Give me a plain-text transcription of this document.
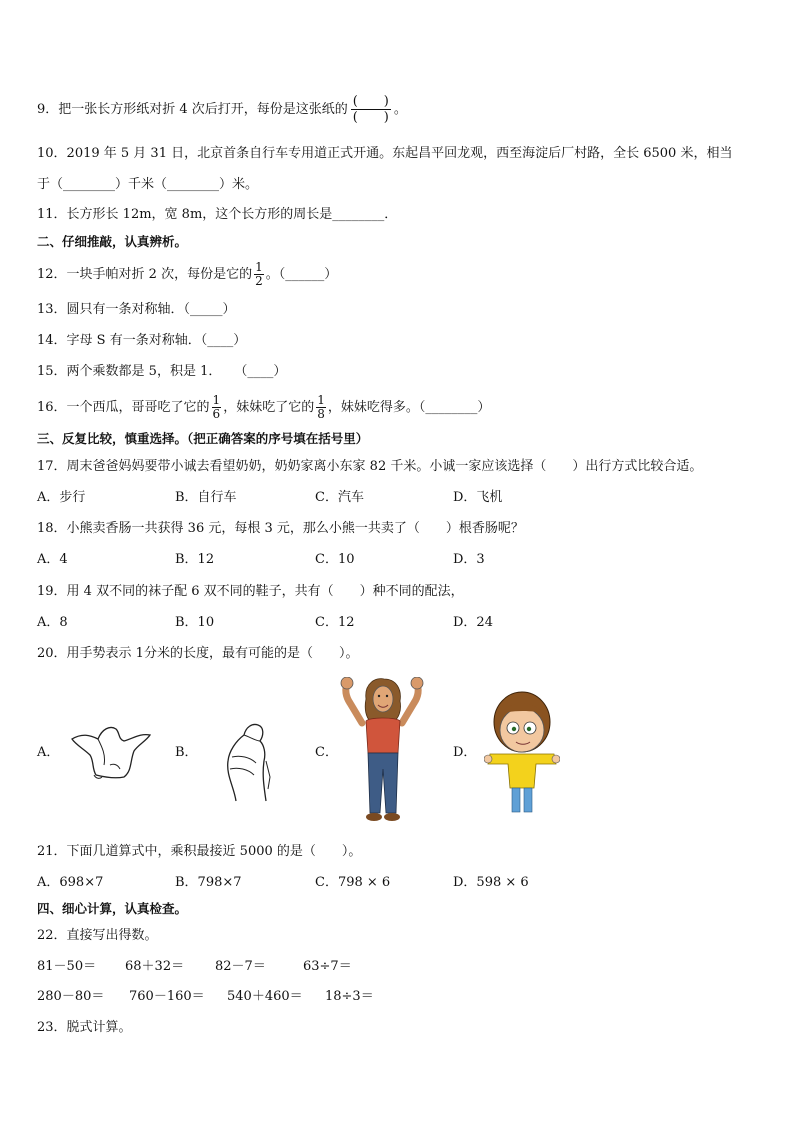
9．把一张长方形纸对折 4 次后打开，每份是这张纸的
(　　)
(　　)
。
10．2019 年 5 月 31 日，北京首条自行车专用道正式开通。东起昌平回龙观，西至海淀后厂村路，全长 6500 米，相当
于（________）千米（________）米。
11．长方形长 12m，宽 8m，这个长方形的周长是________．
二、仔细推敲，认真辨析。
12．一块手帕对折 2 次，每份是它的 $\frac{1}{2}$ 。（______）
13．圆只有一条对称轴．（_____）
14．字母 S 有一条对称轴．（____）
15．两个乘数都是 5，积是 1．　　（____）
16．一个西瓜，哥哥吃了它的 $\frac{1}{6}$ ，妹妹吃了它的 $\frac{1}{8}$ ，妹妹吃得多。（________）
三、反复比较，慎重选择。（把正确答案的序号填在括号里）
17．周末爸爸妈妈要带小诚去看望奶奶，奶奶家离小东家 82 千米。小诚一家应该选择（　　）出行方式比较合适。
A．步行	B．自行车	C．汽车	D．飞机
18．小熊卖香肠一共获得 36 元，每根 3 元，那么小熊一共卖了（　　）根香肠呢？
A．4	B．12	C．10	D．3
19．用 4 双不同的袜子配 6 双不同的鞋子，共有（　　）种不同的配法，
A．8	B．10	C．12	D．24
20．用手势表示 1分米的长度，最有可能的是（　　）。
A．	B．	C．	D．
21．下面几道算式中，乘积最接近 5000 的是（　　）。
A．698×7	B．798×7	C．798 × 6	D．598 × 6
四、细心计算，认真检查。
22．直接写出得数。
81－50＝ 68＋32＝ 82－7＝	63÷7＝
280－80＝ 760－160＝ 540＋460＝ 18÷3＝
23．脱式计算。
